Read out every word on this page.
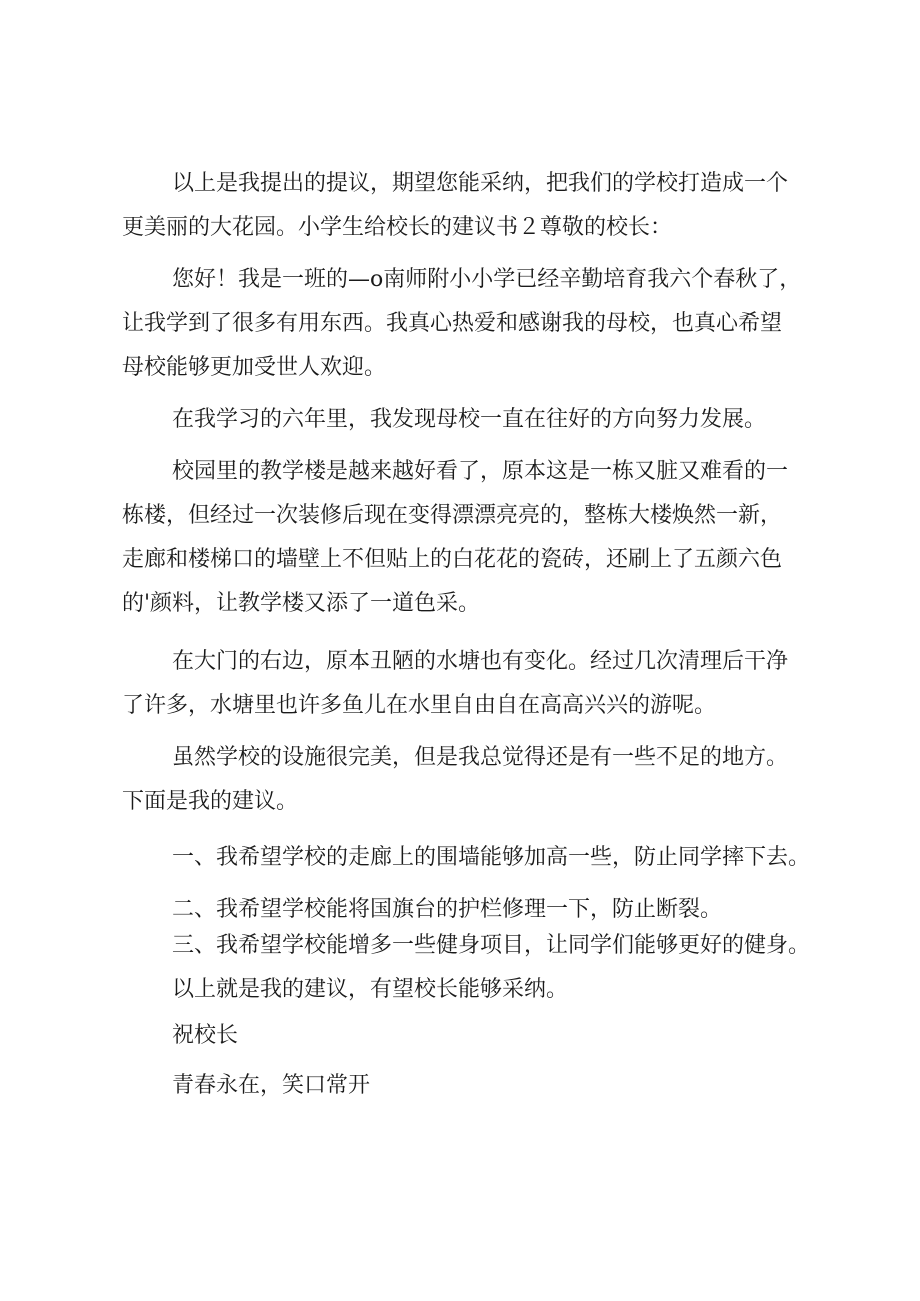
以上是我提出的提议，期望您能采纳，把我们的学校打造成一个
更美丽的大花园。小学生给校长的建议书２尊敬的校长：
您好！我是一班的—o南师附小小学已经辛勤培育我六个春秋了，
让我学到了很多有用东西。我真心热爱和感谢我的母校，也真心希望
母校能够更加受世人欢迎。
在我学习的六年里，我发现母校一直在往好的方向努力发展。
校园里的教学楼是越来越好看了，原本这是一栋又脏又难看的一
栋楼，但经过一次装修后现在变得漂漂亮亮的，整栋大楼焕然一新，
走廊和楼梯口的墙壁上不但贴上的白花花的瓷砖，还刷上了五颜六色
的'颜料，让教学楼又添了一道色采。
在大门的右边，原本丑陋的水塘也有变化。经过几次清理后干净
了许多，水塘里也许多鱼儿在水里自由自在高高兴兴的游呢。
虽然学校的设施很完美，但是我总觉得还是有一些不足的地方。
下面是我的建议。
一、我希望学校的走廊上的围墙能够加高一些，防止同学摔下去。
二、我希望学校能将国旗台的护栏修理一下，防止断裂。
三、我希望学校能增多一些健身项目，让同学们能够更好的健身。
以上就是我的建议，有望校长能够采纳。
祝校长
青春永在，笑口常开
